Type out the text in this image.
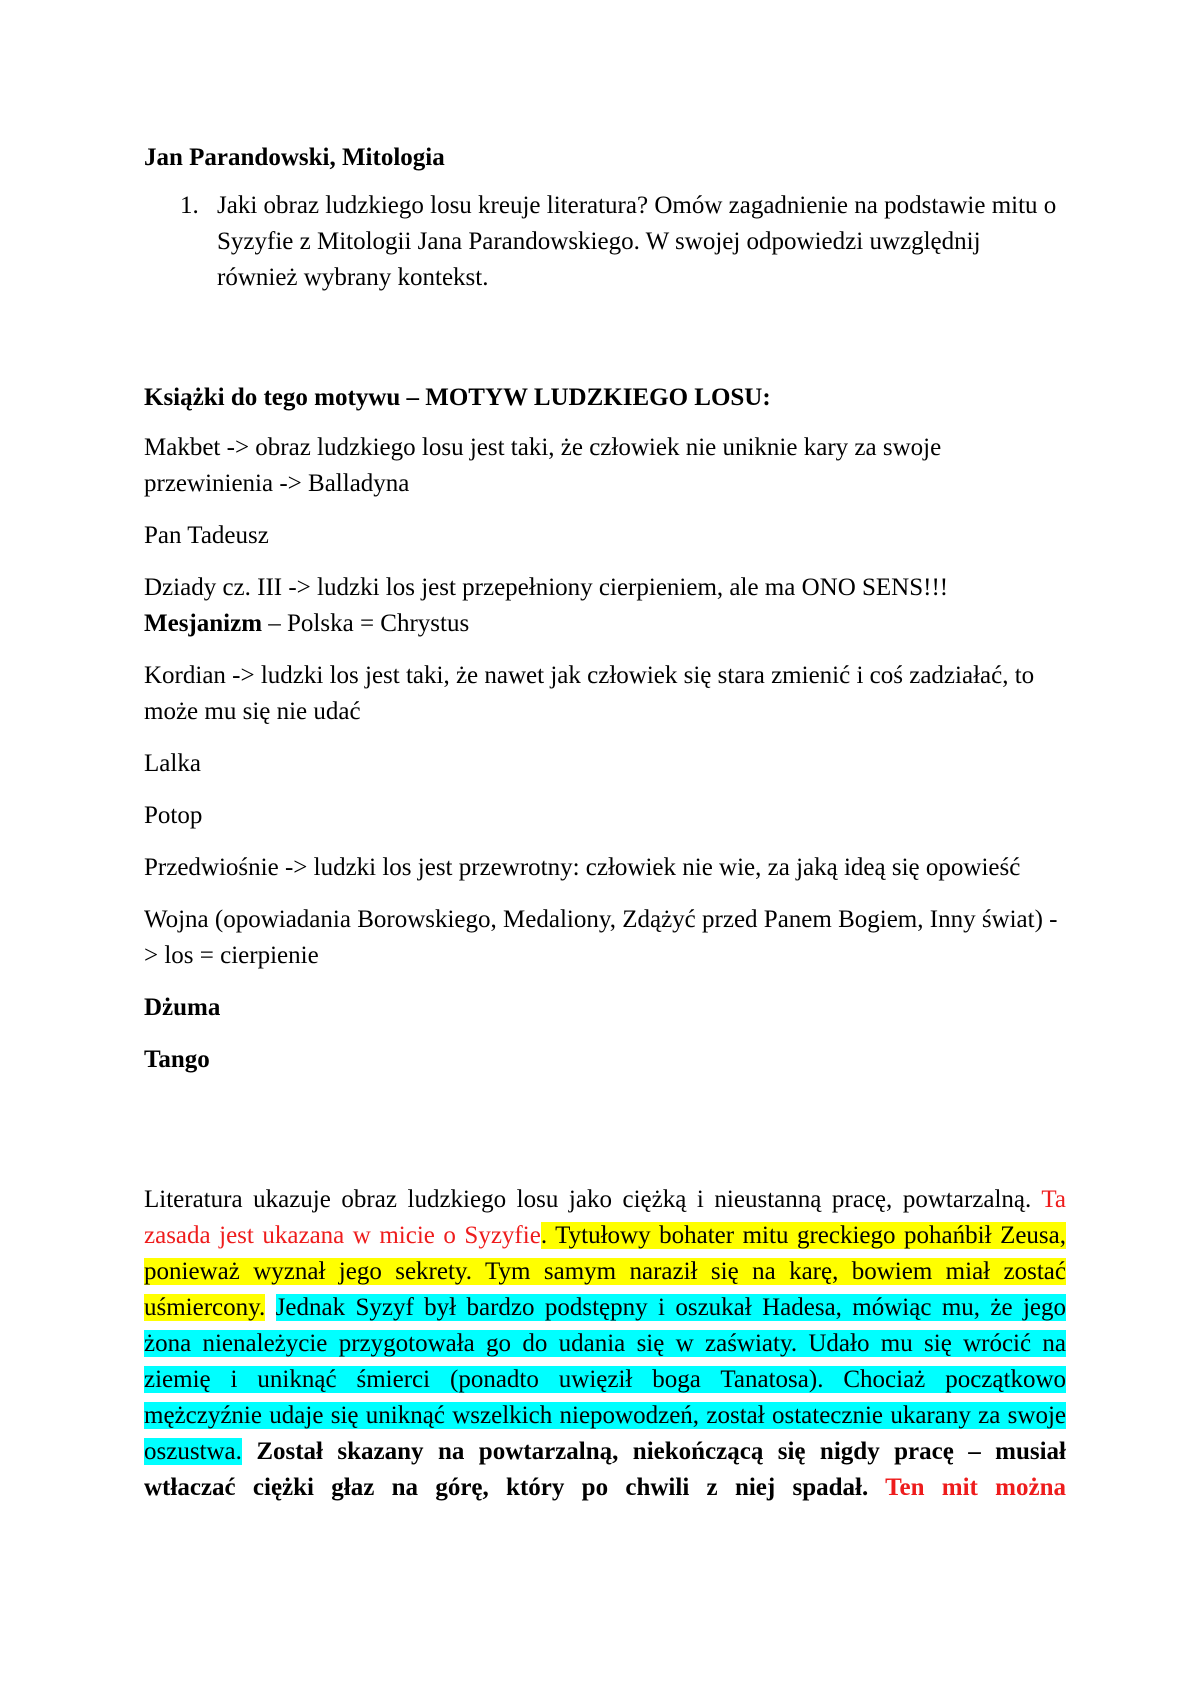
Jan Parandowski, Mitologia

1. Jaki obraz ludzkiego losu kreuje literatura? Omów zagadnienie na podstawie mitu o Syzyfie z Mitologii Jana Parandowskiego. W swojej odpowiedzi uwzględnij również wybrany kontekst.

Książki do tego motywu – MOTYW LUDZKIEGO LOSU:

Makbet -> obraz ludzkiego losu jest taki, że człowiek nie uniknie kary za swoje przewinienia -> Balladyna

Pan Tadeusz

Dziady cz. III -> ludzki los jest przepełniony cierpieniem, ale ma ONO SENS!!!
Mesjanizm – Polska = Chrystus

Kordian -> ludzki los jest taki, że nawet jak człowiek się stara zmienić i coś zadziałać, to może mu się nie udać

Lalka

Potop

Przedwiośnie -> ludzki los jest przewrotny: człowiek nie wie, za jaką ideą się opowieść

Wojna (opowiadania Borowskiego, Medaliony, Zdążyć przed Panem Bogiem, Inny świat) -> los = cierpienie

Dżuma

Tango

Literatura ukazuje obraz ludzkiego losu jako ciężką i nieustanną pracę, powtarzalną. Ta zasada jest ukazana w micie o Syzyfie. Tytułowy bohater mitu greckiego pohańbił Zeusa, ponieważ wyznał jego sekrety. Tym samym naraził się na karę, bowiem miał zostać uśmiercony. Jednak Syzyf był bardzo podstępny i oszukał Hadesa, mówiąc mu, że jego żona nienależycie przygotowała go do udania się w zaświaty. Udało mu się wrócić na ziemię i uniknąć śmierci (ponadto uwięził boga Tanatosa). Chociaż początkowo mężczyźnie udaje się uniknąć wszelkich niepowodzeń, został ostatecznie ukarany za swoje oszustwa. Został skazany na powtarzalną, niekończącą się nigdy pracę – musiał wtłaczać ciężki głaz na górę, który po chwili z niej spadał. Ten mit można
